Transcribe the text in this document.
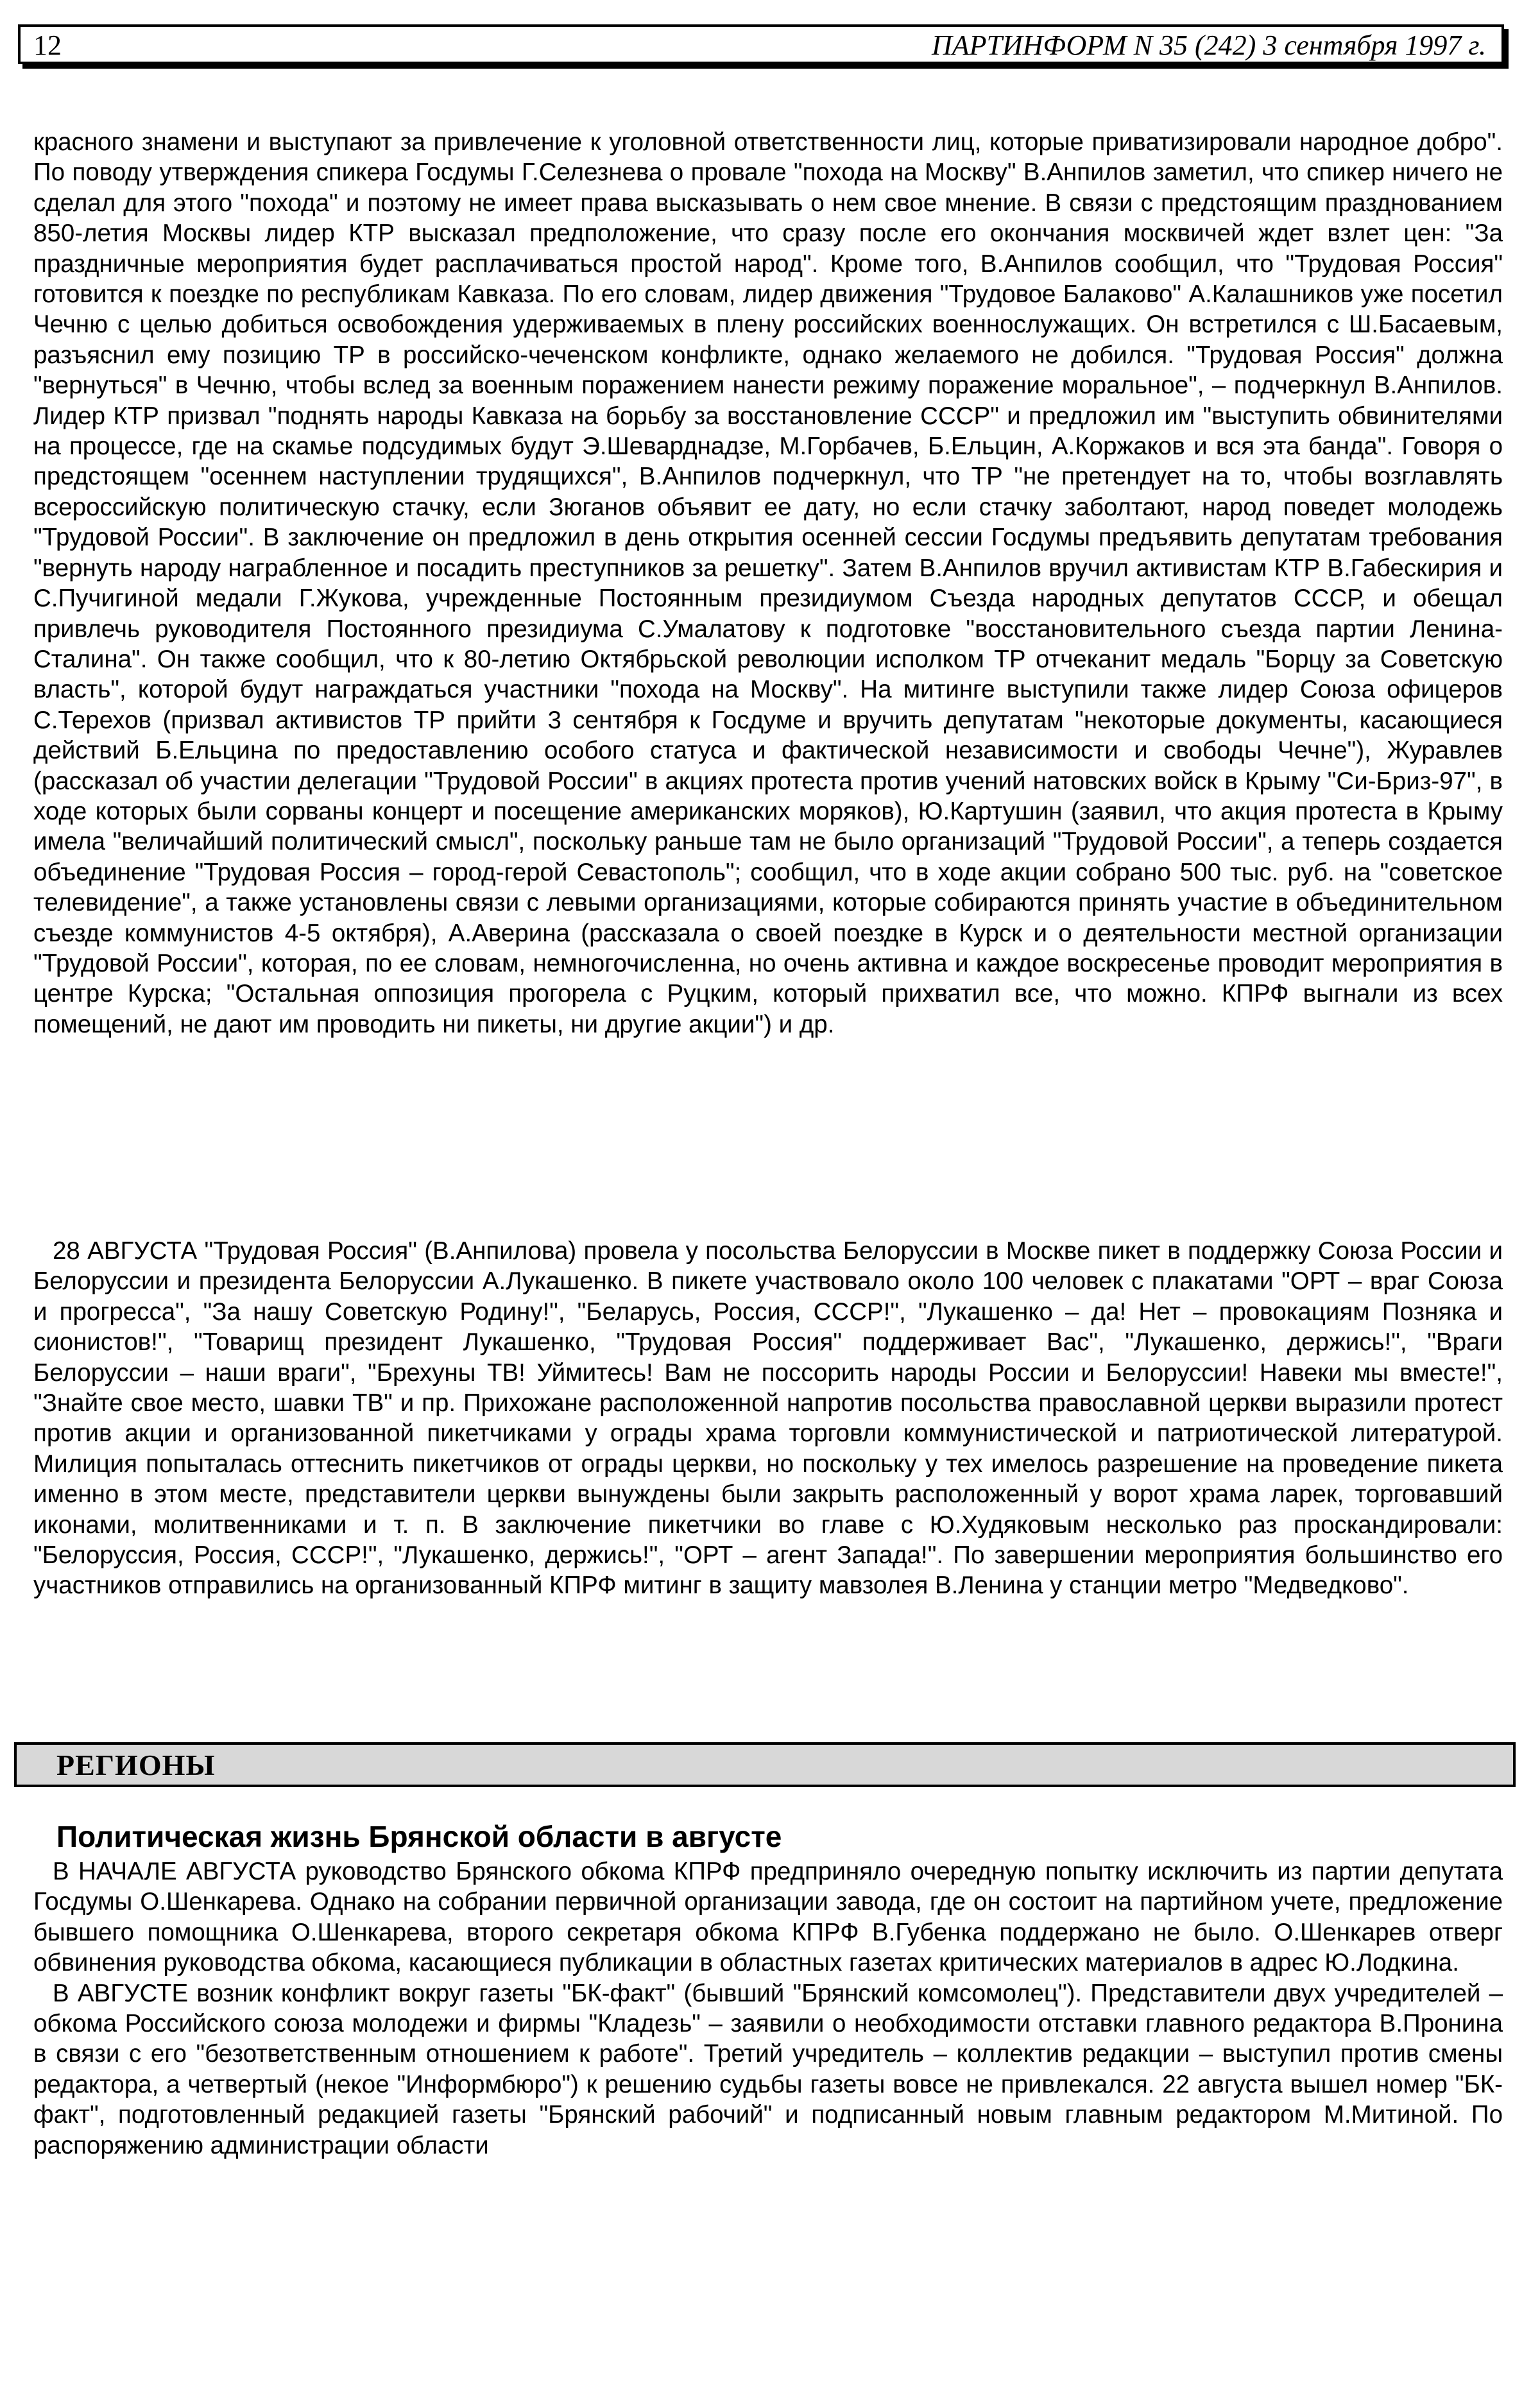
12	ПАРТИНФОРМ N 35 (242) 3 сентября 1997 г.

красного знамени и выступают за привлечение к уголовной ответственности лиц, которые приватизировали народное добро". По поводу утверждения спикера Госдумы Г.Селезнева о провале "похода на Москву" В.Анпилов заметил, что спикер ничего не сделал для этого "похода" и поэтому не имеет права высказывать о нем свое мнение. В связи с предстоящим празднованием 850-летия Москвы лидер КТР высказал предположение, что сразу после его окончания москвичей ждет взлет цен: "За праздничные мероприятия будет расплачиваться простой народ". Кроме того, В.Анпилов сообщил, что "Трудовая Россия" готовится к поездке по республикам Кавказа. По его словам, лидер движения "Трудовое Балаково" А.Калашников уже посетил Чечню с целью добиться освобождения удерживаемых в плену российских военнослужащих. Он встретился с Ш.Басаевым, разъяснил ему позицию ТР в российско-чеченском конфликте, однако желаемого не добился. "Трудовая Россия" должна "вернуться" в Чечню, чтобы вслед за военным поражением нанести режиму поражение моральное", – подчеркнул В.Анпилов. Лидер КТР призвал "поднять народы Кавказа на борьбу за восстановление СССР" и предложил им "выступить обвинителями на процессе, где на скамье подсудимых будут Э.Шеварднадзе, М.Горбачев, Б.Ельцин, А.Коржаков и вся эта банда". Говоря о предстоящем "осеннем наступлении трудящихся", В.Анпилов подчеркнул, что ТР "не претендует на то, чтобы возглавлять всероссийскую политическую стачку, если Зюганов объявит ее дату, но если стачку заболтают, народ поведет молодежь "Трудовой России". В заключение он предложил в день открытия осенней сессии Госдумы предъявить депутатам требования "вернуть народу награбленное и посадить преступников за решетку". Затем В.Анпилов вручил активистам КТР В.Габескирия и С.Пучигиной медали Г.Жукова, учрежденные Постоянным президиумом Съезда народных депутатов СССР, и обещал привлечь руководителя Постоянного президиума С.Умалатову к подготовке "восстановительного съезда партии Ленина-Сталина". Он также сообщил, что к 80-летию Октябрьской революции исполком ТР отчеканит медаль "Борцу за Советскую власть", которой будут награждаться участники "похода на Москву". На митинге выступили также лидер Союза офицеров С.Терехов (призвал активистов ТР прийти 3 сентября к Госдуме и вручить депутатам "некоторые документы, касающиеся действий Б.Ельцина по предоставлению особого статуса и фактической независимости и свободы Чечне"), Журавлев (рассказал об участии делегации "Трудовой России" в акциях протеста против учений натовских войск в Крыму "Си-Бриз-97", в ходе которых были сорваны концерт и посещение американских моряков), Ю.Картушин (заявил, что акция протеста в Крыму имела "величайший политический смысл", поскольку раньше там не было организаций "Трудовой России", а теперь создается объединение "Трудовая Россия – город-герой Севастополь"; сообщил, что в ходе акции собрано 500 тыс. руб. на "советское телевидение", а также установлены связи с левыми организациями, которые собираются принять участие в объединительном съезде коммунистов 4-5 октября), А.Аверина (рассказала о своей поездке в Курск и о деятельности местной организации "Трудовой России", которая, по ее словам, немногочисленна, но очень активна и каждое воскресенье проводит мероприятия в центре Курска; "Остальная оппозиция прогорела с Руцким, который прихватил все, что можно. КПРФ выгнали из всех помещений, не дают им проводить ни пикеты, ни другие акции") и др.

28 АВГУСТА "Трудовая Россия" (В.Анпилова) провела у посольства Белоруссии в Москве пикет в поддержку Союза России и Белоруссии и президента Белоруссии А.Лукашенко. В пикете участвовало около 100 человек с плакатами "ОРТ – враг Союза и прогресса", "За нашу Советскую Родину!", "Беларусь, Россия, СССР!", "Лукашенко – да! Нет – провокациям Позняка и сионистов!", "Товарищ президент Лукашенко, "Трудовая Россия" поддерживает Вас", "Лукашенко, держись!", "Враги Белоруссии – наши враги", "Брехуны ТВ! Уймитесь! Вам не поссорить народы России и Белоруссии! Навеки мы вместе!", "Знайте свое место, шавки ТВ" и пр. Прихожане расположенной напротив посольства православной церкви выразили протест против акции и организованной пикетчиками у ограды храма торговли коммунистической и патриотической литературой. Милиция попыталась оттеснить пикетчиков от ограды церкви, но поскольку у тех имелось разрешение на проведение пикета именно в этом месте, представители церкви вынуждены были закрыть расположенный у ворот храма ларек, торговавший иконами, молитвенниками и т. п. В заключение пикетчики во главе с Ю.Худяковым несколько раз проскандировали: "Белоруссия, Россия, СССР!", "Лукашенко, держись!", "ОРТ – агент Запада!". По завершении мероприятия большинство его участников отправились на организованный КПРФ митинг в защиту мавзолея В.Ленина у станции метро "Медведково".

РЕГИОНЫ
Политическая жизнь Брянской области в августе

В НАЧАЛЕ АВГУСТА руководство Брянского обкома КПРФ предприняло очередную попытку исключить из партии депутата Госдумы О.Шенкарева. Однако на собрании первичной организации завода, где он состоит на партийном учете, предложение бывшего помощника О.Шенкарева, второго секретаря обкома КПРФ В.Губенка поддержано не было. О.Шенкарев отверг обвинения руководства обкома, касающиеся публикации в областных газетах критических материалов в адрес Ю.Лодкина.

В АВГУСТЕ возник конфликт вокруг газеты "БК-факт" (бывший "Брянский комсомолец"). Представители двух учредителей – обкома Российского союза молодежи и фирмы "Кладезь" – заявили о необходимости отставки главного редактора В.Пронина в связи с его "безответственным отношением к работе". Третий учредитель – коллектив редакции – выступил против смены редактора, а четвертый (некое "Информбюро") к решению судьбы газеты вовсе не привлекался. 22 августа вышел номер "БК-факт", подготовленный редакцией газеты "Брянский рабочий" и подписанный новым главным редактором М.Митиной. По распоряжению администрации области
